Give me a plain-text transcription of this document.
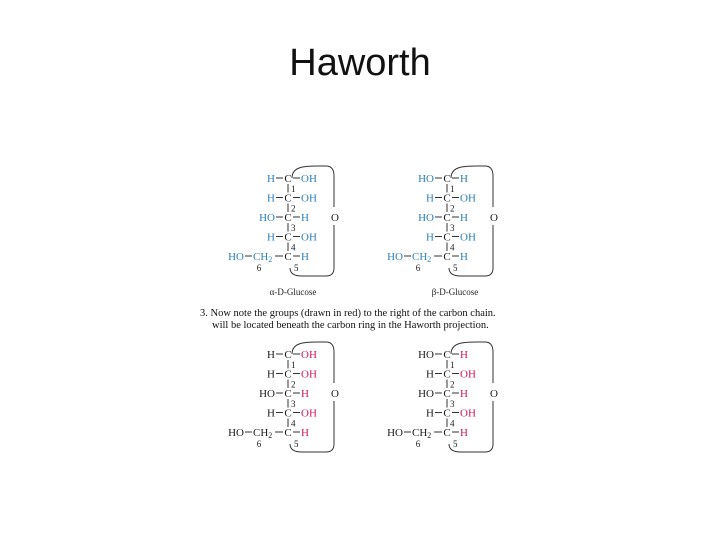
Haworth
H C OH
1
H C OH
2
HO C H
3
H C OH
4
HO CH2 C H
6	5
O
HO C H
1
H C OH
2
HO C H
3
H C OH
4
HO CH2 C H
6	5
O
α-D-Glucose	β-D-Glucose
3. Now note the groups (drawn in red) to the right of the carbon chain.
will be located beneath the carbon ring in the Haworth projection.
H C OH
1
H C OH
2
HO C H
3
H C OH
4
HO CH2 C H
6	5
O
HO C H
1
H C OH
2
HO C H
3
H C OH
4
HO CH2 C H
6	5
O
